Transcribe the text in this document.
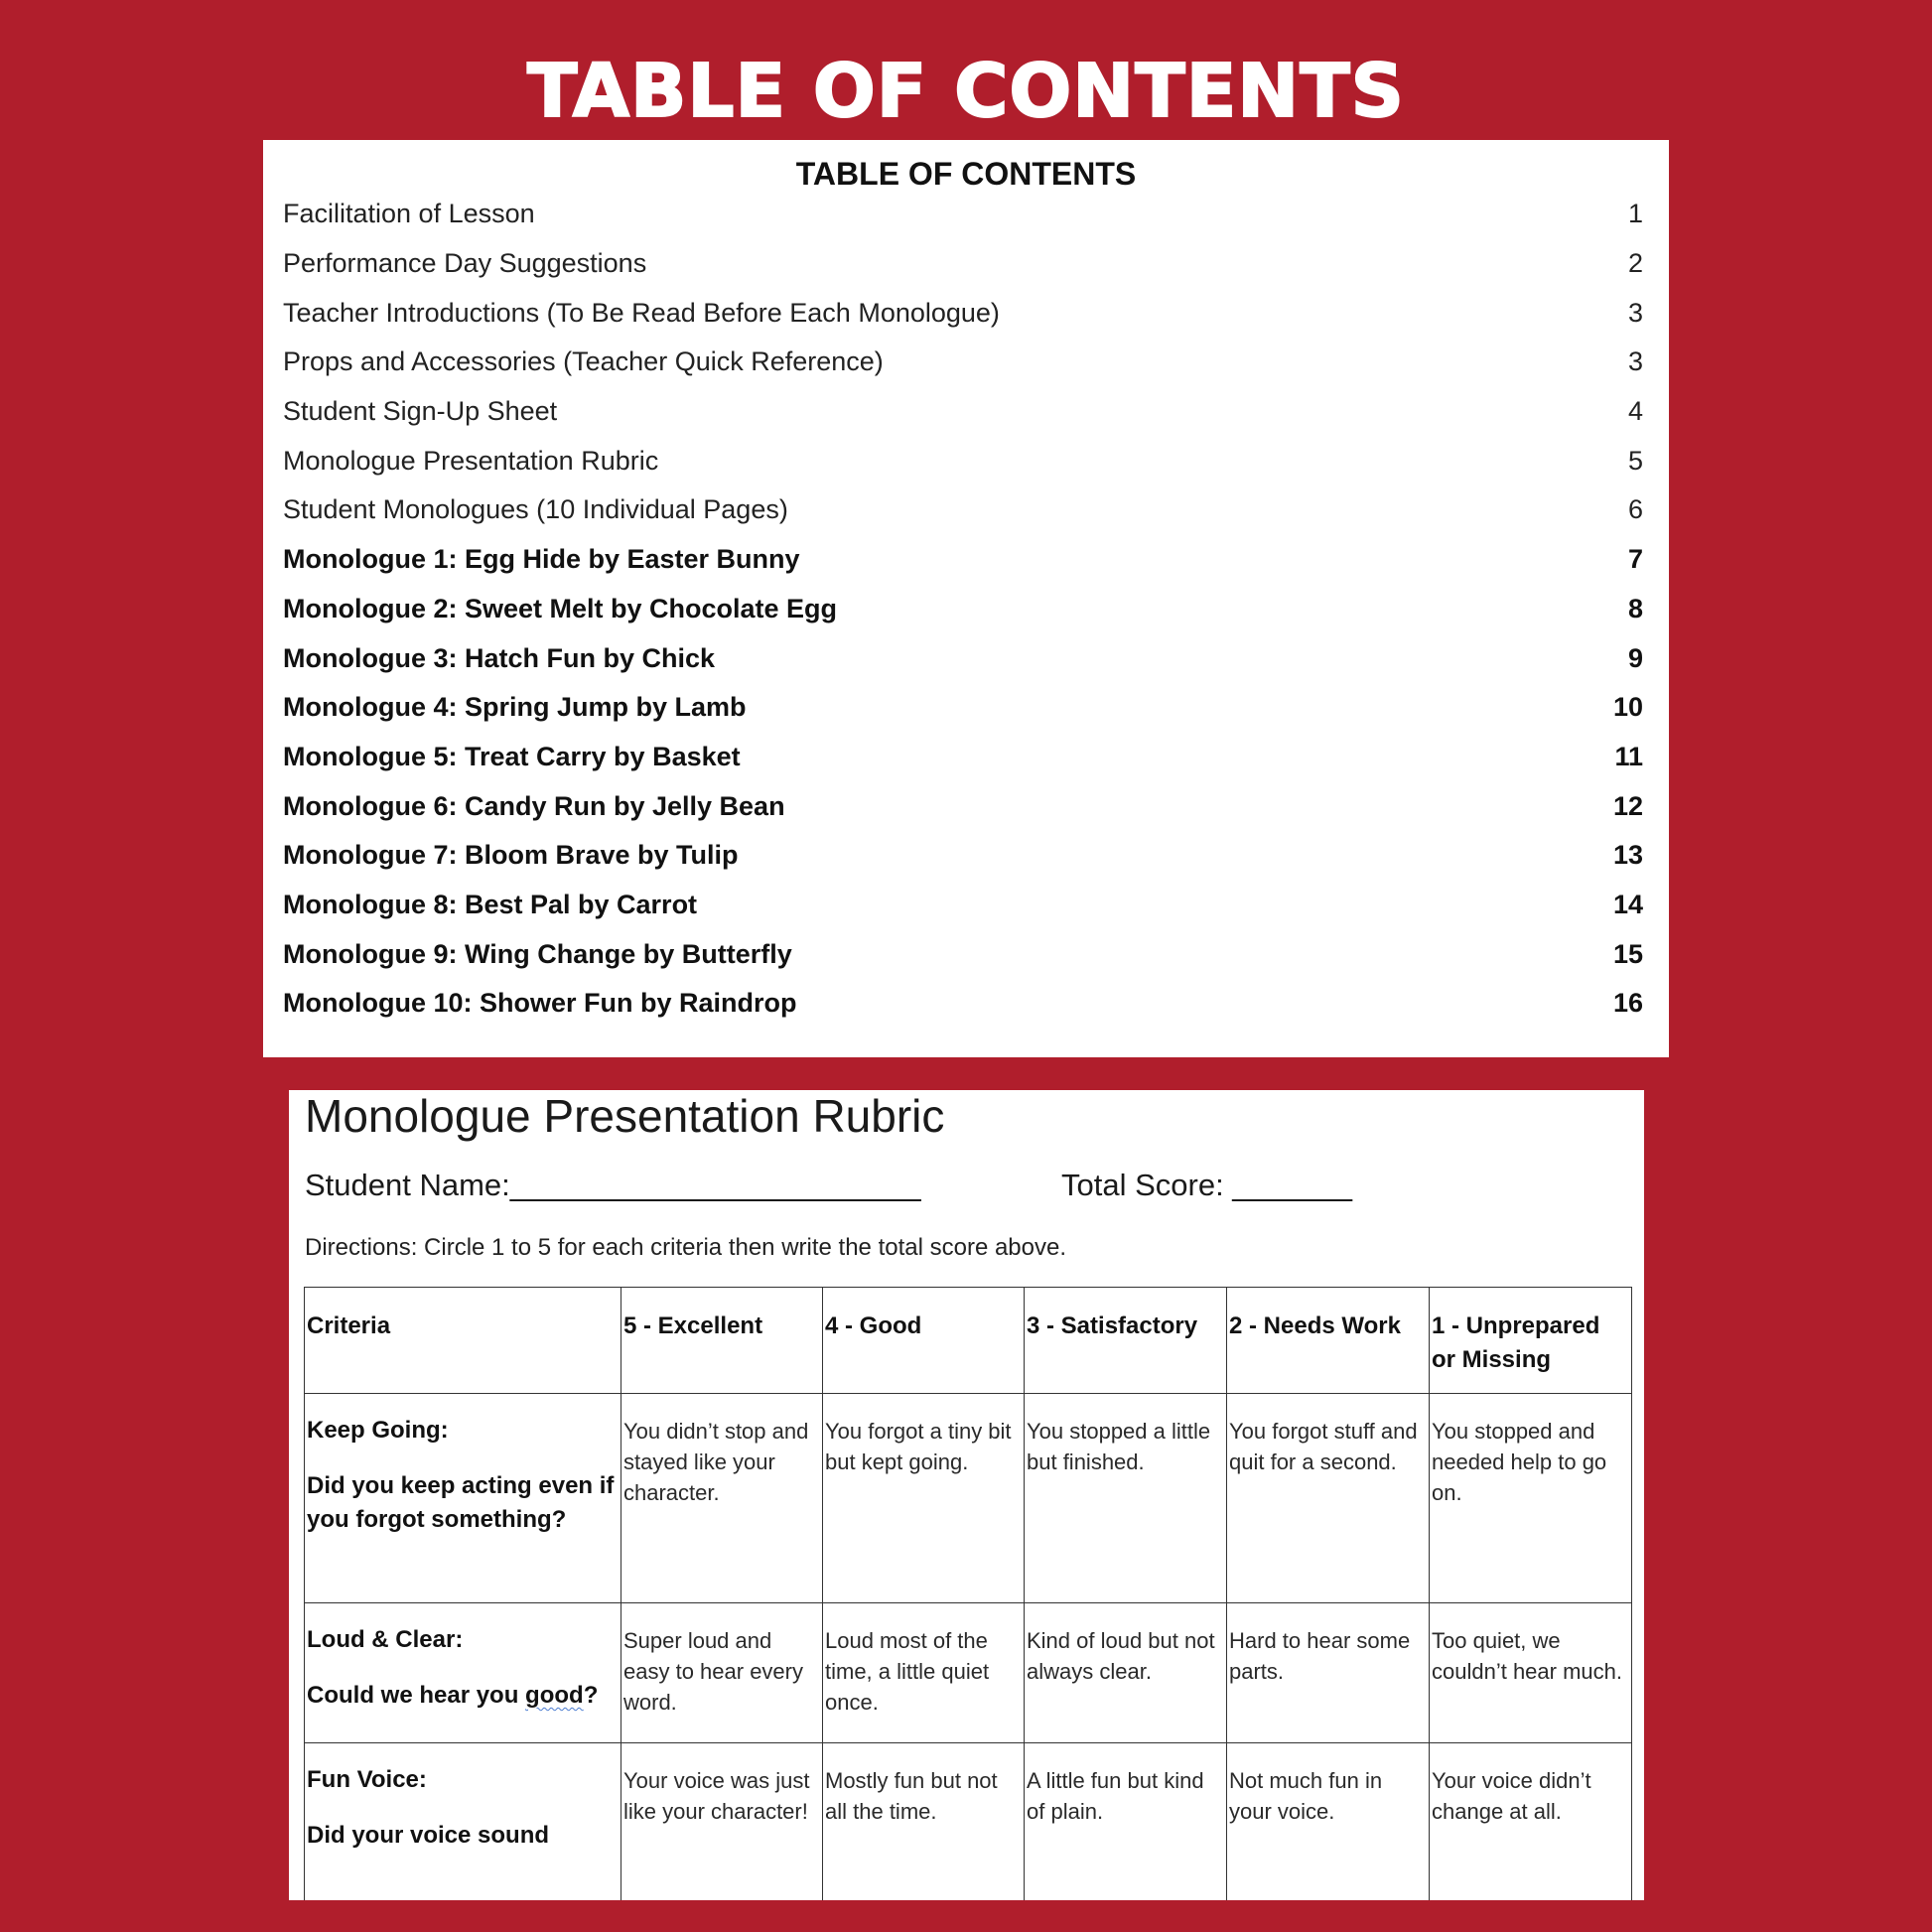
TABLE OF CONTENTS
TABLE OF CONTENTS
Facilitation of Lesson	1
Performance Day Suggestions	2
Teacher Introductions (To Be Read Before Each Monologue)	3
Props and Accessories (Teacher Quick Reference)	3
Student Sign-Up Sheet	4
Monologue Presentation Rubric	5
Student Monologues (10 Individual Pages)	6
Monologue 1: Egg Hide by Easter Bunny	7
Monologue 2: Sweet Melt by Chocolate Egg	8
Monologue 3: Hatch Fun by Chick	9
Monologue 4: Spring Jump by Lamb	10
Monologue 5: Treat Carry by Basket	11
Monologue 6: Candy Run by Jelly Bean	12
Monologue 7: Bloom Brave by Tulip	13
Monologue 8: Best Pal by Carrot	14
Monologue 9: Wing Change by Butterfly	15
Monologue 10: Shower Fun by Raindrop	16
Monologue Presentation Rubric
Student Name:________________________	Total Score: _______
Directions: Circle 1 to 5 for each criteria then write the total score above.
Criteria	5 - Excellent	4 - Good	3 - Satisfactory	2 - Needs Work	1 - Unprepared or Missing

Keep Going:
Did you keep acting even if you forgot something?	You didn’t stop and stayed like your character.	You forgot a tiny bit but kept going.	You stopped a little but finished.	You forgot stuff and quit for a second.	You stopped and needed help to go on.

Loud & Clear:
Could we hear you good?	Super loud and easy to hear every word.	Loud most of the time, a little quiet once.	Kind of loud but not always clear.	Hard to hear some parts.	Too quiet, we couldn’t hear much.

Fun Voice:
Did your voice sound	Your voice was just like your character!	Mostly fun but not all the time.	A little fun but kind of plain.	Not much fun in your voice.	Your voice didn’t change at all.
